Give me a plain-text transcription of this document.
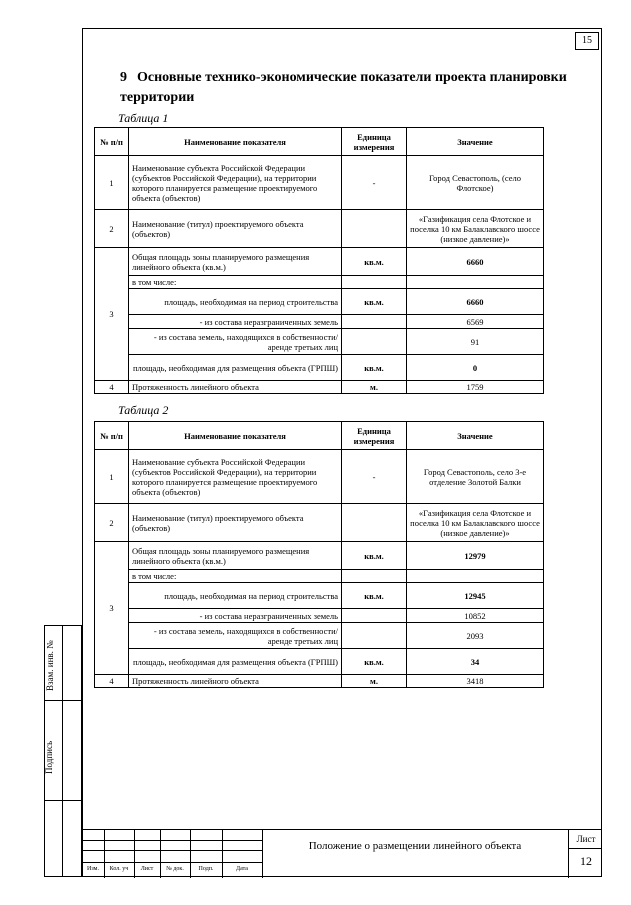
15
9 Основные технико-экономические показатели проекта планировки территории
Таблица 1
№ п/п	Наименование показателя	Единица измерения	Значение
1	Наименование субъекта Российской Федерации (субъектов Российской Федерации), на территории которого планируется размещение проектируемого объекта (объектов)	-	Город Севастополь, (село Флотское)
2	Наименование (титул) проектируемого объекта (объектов)		«Газификация села Флотское и поселка 10 км Балаклавского шоссе (низкое давление)»
3	Общая площадь зоны планируемого размещения линейного объекта (кв.м.)	кв.м.	6660
	в том числе:		
	площадь, необходимая на период строительства	кв.м.	6660
	- из состава неразграниченных земель		6569
	- из состава земель, находящихся в собственности/аренде третьих лиц		91
	площадь, необходимая для размещения объекта (ГРПШ)	кв.м.	0
4	Протяженность линейного объекта	м.	1759
Таблица 2
№ п/п	Наименование показателя	Единица измерения	Значение
1	Наименование субъекта Российской Федерации (субъектов Российской Федерации), на территории которого планируется размещение проектируемого объекта (объектов)	-	Город Севастополь, село 3-е отделение Золотой Балки
2	Наименование (титул) проектируемого объекта (объектов)		«Газификация села Флотское и поселка 10 км Балаклавского шоссе (низкое давление)»
3	Общая площадь зоны планируемого размещения линейного объекта (кв.м.)	кв.м.	12979
	в том числе:		
	площадь, необходимая на период строительства	кв.м.	12945
	- из состава неразграниченных земель		10852
	- из состава земель, находящихся в собственности/аренде третьих лиц		2093
	площадь, необходимая для размещения объекта (ГРПШ)	кв.м.	34
4	Протяженность линейного объекта	м.	3418
Взам. инв. №
Подпись
Изм.	Кол. уч	Лист	№ док.	Подп.	Дата
Положение о размещении линейного объекта
Лист
12
